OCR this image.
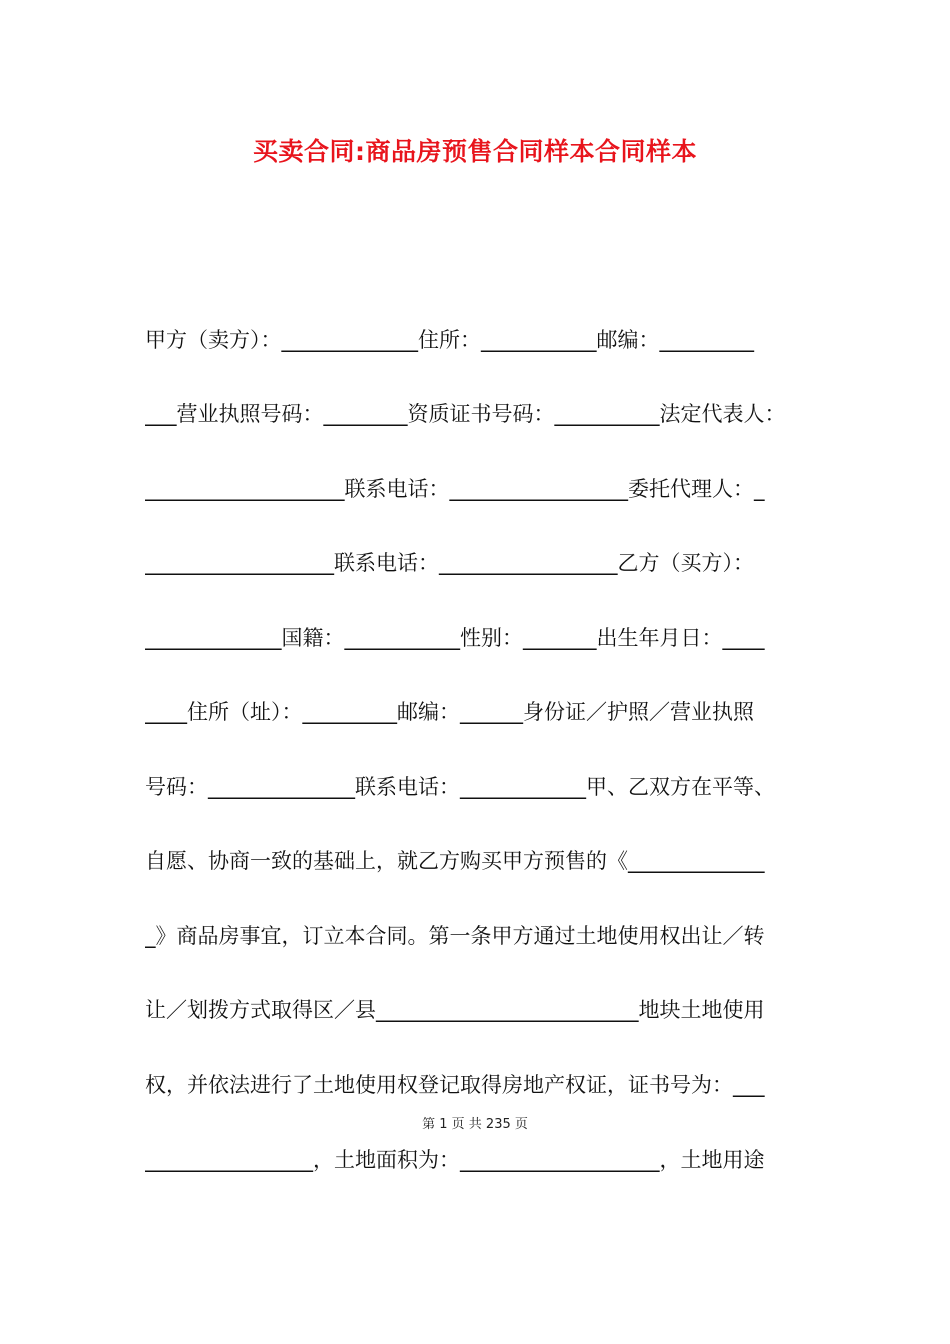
买卖合同:商品房预售合同样本合同样本
甲方（卖方）：_____________住所：___________邮编：_________
___营业执照号码：________资质证书号码：__________法定代表人：
___________________联系电话：_________________委托代理人：_
__________________联系电话：_________________乙方（买方）：
_____________国籍：___________性别：_______出生年月日：____
____住所（址）：_________邮编：______身份证／护照／营业执照
号码：______________联系电话：____________甲、乙双方在平等、
自愿、协商一致的基础上，就乙方购买甲方预售的《_____________
_》商品房事宜，订立本合同。第一条甲方通过土地使用权出让／转
让／划拨方式取得区／县_________________________地块土地使用
权，并依法进行了土地使用权登记取得房地产权证，证书号为：___
第 1 页 共 235 页
________________，土地面积为：___________________，土地用途
